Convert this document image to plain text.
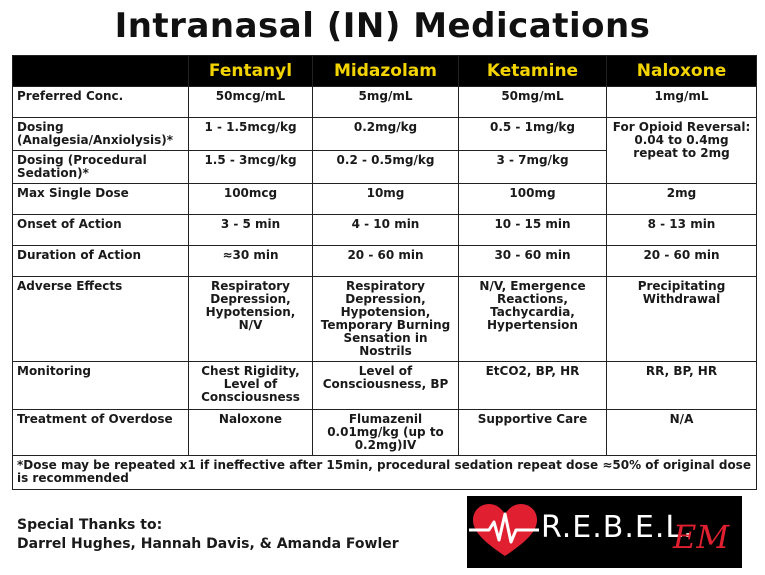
Intranasal (IN) Medications
	Fentanyl	Midazolam	Ketamine	Naloxone
Preferred Conc.	50mcg/mL	5mg/mL	50mg/mL	1mg/mL
Dosing (Analgesia/Anxiolysis)*	1 - 1.5mcg/kg	0.2mg/kg	0.5 - 1mg/kg	For Opioid Reversal: 0.04 to 0.4mg repeat to 2mg
Dosing (Procedural Sedation)*	1.5 - 3mcg/kg	0.2 - 0.5mg/kg	3 - 7mg/kg	
Max Single Dose	100mcg	10mg	100mg	2mg
Onset of Action	3 - 5 min	4 - 10 min	10 - 15 min	8 - 13 min
Duration of Action	≈30 min	20 - 60 min	30 - 60 min	20 - 60 min
Adverse Effects	Respiratory Depression, Hypotension, N/V	Respiratory Depression, Hypotension, Temporary Burning Sensation in Nostrils	N/V, Emergence Reactions, Tachycardia, Hypertension	Precipitating Withdrawal
Monitoring	Chest Rigidity, Level of Consciousness	Level of Consciousness, BP	EtCO2, BP, HR	RR, BP, HR
Treatment of Overdose	Naloxone	Flumazenil 0.01mg/kg (up to 0.2mg)IV	Supportive Care	N/A
*Dose may be repeated x1 if ineffective after 15min, procedural sedation repeat dose ≈50% of original dose is recommended				
Special Thanks to:
Darrel Hughes, Hannah Davis, & Amanda Fowler	R.E.B.E.L.
EM
